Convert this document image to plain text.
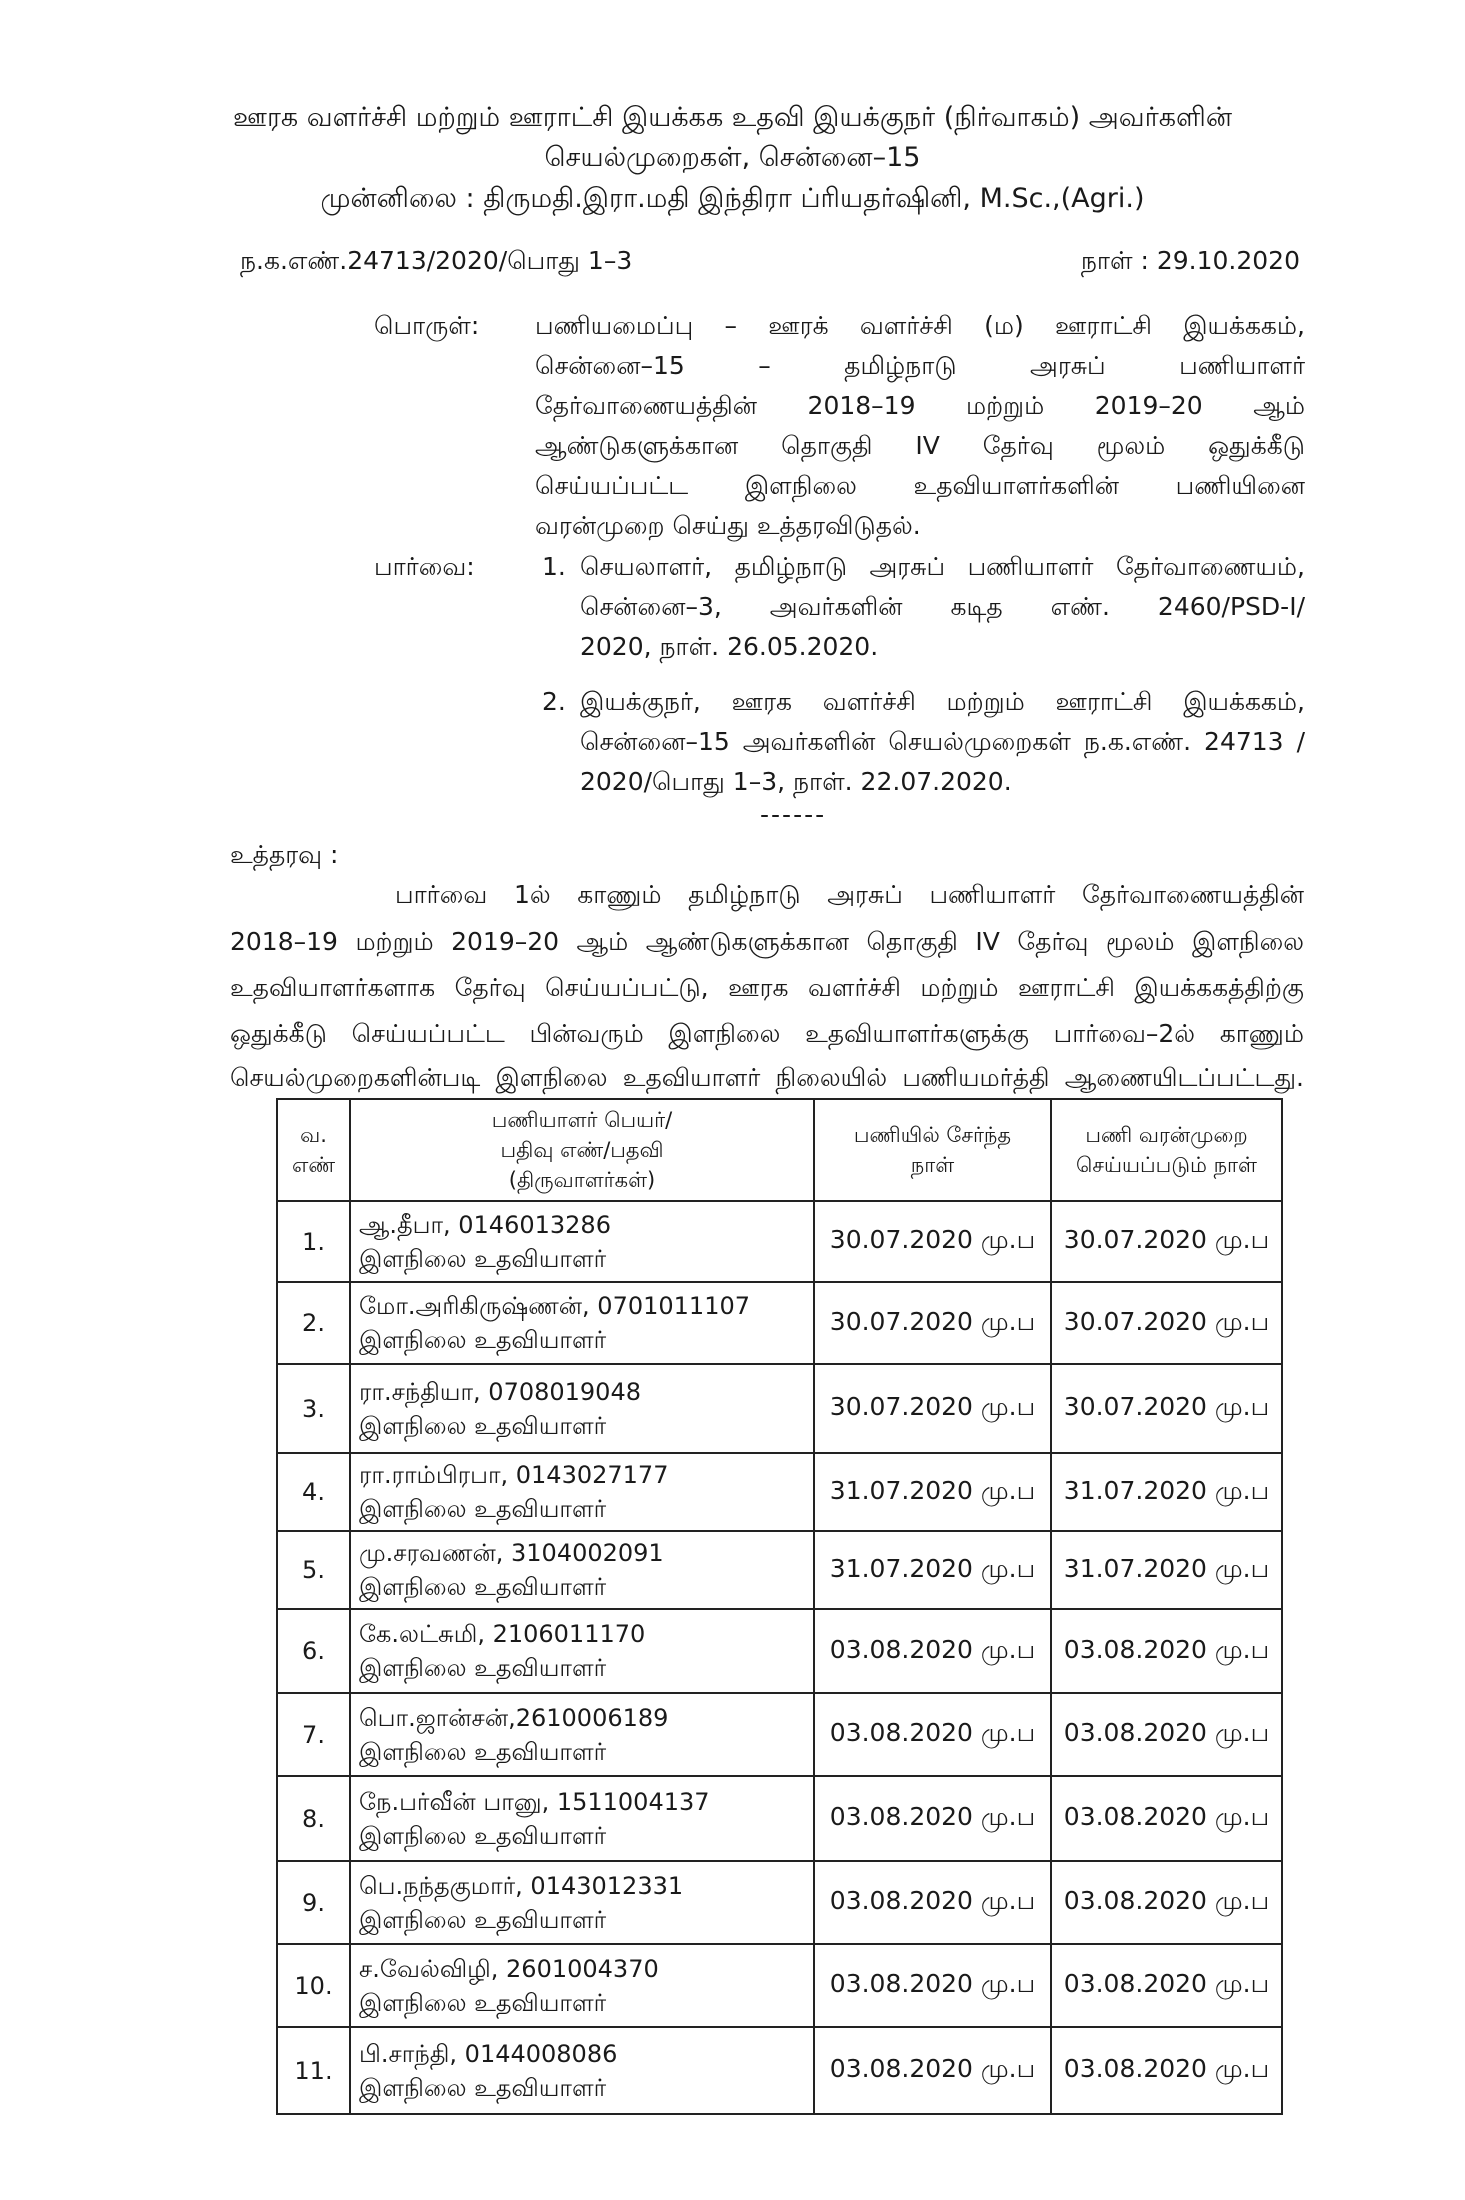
ஊரக வளர்ச்சி மற்றும் ஊராட்சி இயக்கக உதவி இயக்குநர் (நிர்வாகம்) அவர்களின்
செயல்முறைகள், சென்னை–15
முன்னிலை : திருமதி.இரா.மதி இந்திரா ப்ரியதர்ஷினி, M.Sc.,(Agri.)
ந.க.எண்.24713/2020/பொது 1–3	நாள் : 29.10.2020
பொருள்:	பணியமைப்பு – ஊரக் வளர்ச்சி (ம) ஊராட்சி இயக்ககம்,
சென்னை–15 – தமிழ்நாடு அரசுப் பணியாளர்
தேர்வாணையத்தின் 2018–19 மற்றும் 2019–20 ஆம்
ஆண்டுகளுக்கான தொகுதி IV தேர்வு மூலம் ஒதுக்கீடு
செய்யப்பட்ட இளநிலை உதவியாளர்களின் பணியினை
வரன்முறை செய்து உத்தரவிடுதல்.
பார்வை:	1. செயலாளர், தமிழ்நாடு அரசுப் பணியாளர் தேர்வாணையம்,
சென்னை–3, அவர்களின் கடித எண். 2460/PSD-I/
2020, நாள். 26.05.2020.
2. இயக்குநர், ஊரக வளர்ச்சி மற்றும் ஊராட்சி இயக்ககம்,
சென்னை–15 அவர்களின் செயல்முறைகள் ந.க.எண். 24713 /
2020/பொது 1–3, நாள். 22.07.2020.
------
உத்தரவு :
பார்வை 1ல் காணும் தமிழ்நாடு அரசுப் பணியாளர் தேர்வாணையத்தின்
2018–19 மற்றும் 2019–20 ஆம் ஆண்டுகளுக்கான தொகுதி IV தேர்வு மூலம் இளநிலை
உதவியாளர்களாக தேர்வு செய்யப்பட்டு, ஊரக வளர்ச்சி மற்றும் ஊராட்சி இயக்ககத்திற்கு
ஒதுக்கீடு செய்யப்பட்ட பின்வரும் இளநிலை உதவியாளர்களுக்கு பார்வை–2ல் காணும்
செயல்முறைகளின்படி இளநிலை உதவியாளர் நிலையில் பணியமர்த்தி ஆணையிடப்பட்டது.
வ.
எண்	பணியாளர் பெயர்/
பதிவு எண்/பதவி
(திருவாளர்கள்)	பணியில் சேர்ந்த
நாள்	பணி வரன்முறை
செய்யப்படும் நாள்
1.	ஆ.தீபா, 0146013286
இளநிலை உதவியாளர்	30.07.2020 மு.ப	30.07.2020 மு.ப
2.	மோ.அரிகிருஷ்ணன், 0701011107
இளநிலை உதவியாளர்	30.07.2020 மு.ப	30.07.2020 மு.ப
3.	ரா.சந்தியா, 0708019048
இளநிலை உதவியாளர்	30.07.2020 மு.ப	30.07.2020 மு.ப
4.	ரா.ராம்பிரபா, 0143027177
இளநிலை உதவியாளர்	31.07.2020 மு.ப	31.07.2020 மு.ப
5.	மு.சரவணன், 3104002091
இளநிலை உதவியாளர்	31.07.2020 மு.ப	31.07.2020 மு.ப
6.	கே.லட்சுமி, 2106011170
இளநிலை உதவியாளர்	03.08.2020 மு.ப	03.08.2020 மு.ப
7.	பொ.ஜான்சன்,2610006189
இளநிலை உதவியாளர்	03.08.2020 மு.ப	03.08.2020 மு.ப
8.	நே.பர்வீன் பானு, 1511004137
இளநிலை உதவியாளர்	03.08.2020 மு.ப	03.08.2020 மு.ப
9.	பெ.நந்தகுமார், 0143012331
இளநிலை உதவியாளர்	03.08.2020 மு.ப	03.08.2020 மு.ப
10.	ச.வேல்விழி, 2601004370
இளநிலை உதவியாளர்	03.08.2020 மு.ப	03.08.2020 மு.ப
11.	பி.சாந்தி, 0144008086
இளநிலை உதவியாளர்	03.08.2020 மு.ப	03.08.2020 மு.ப
